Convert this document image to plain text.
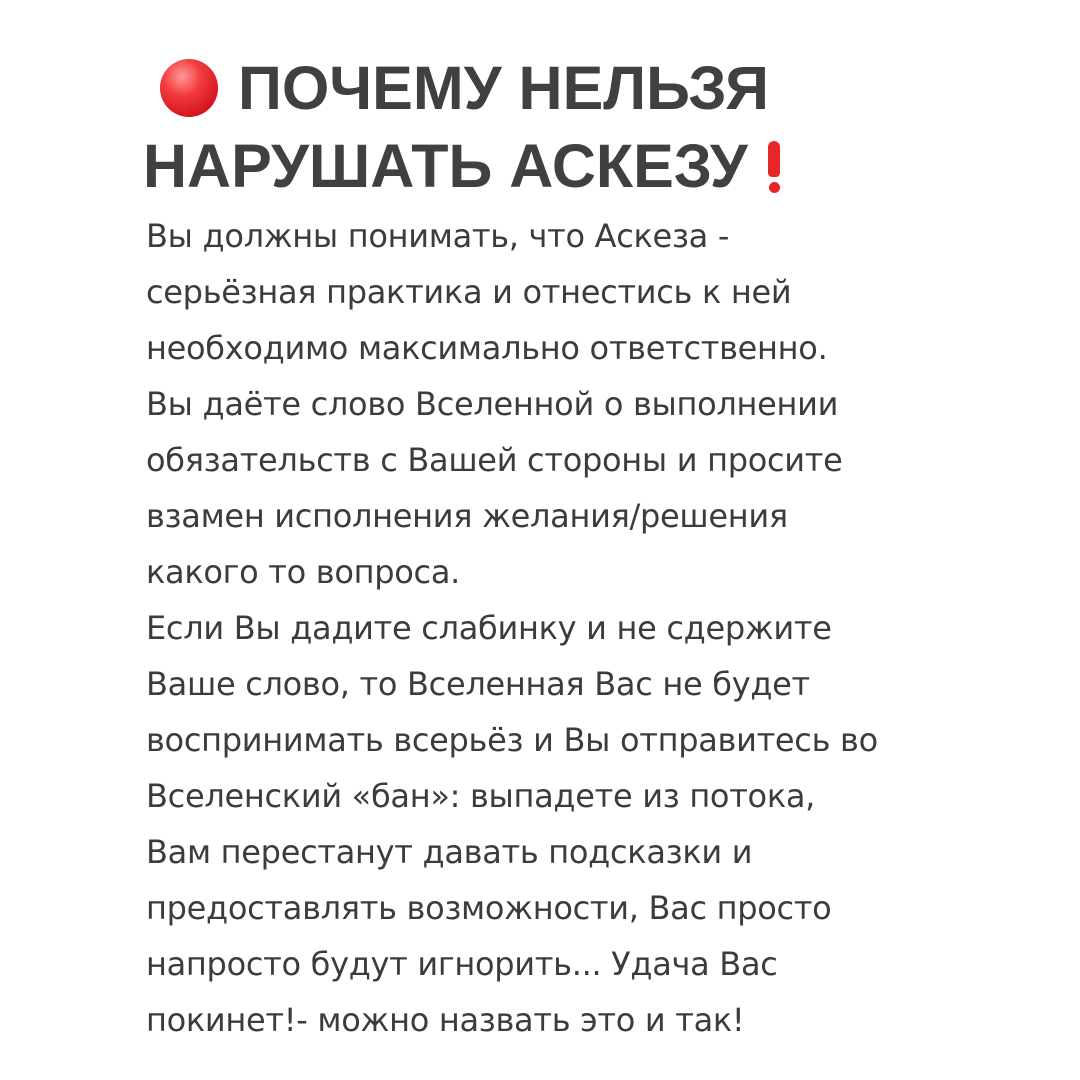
ПОЧЕМУ НЕЛЬЗЯ
НАРУШАТЬ АСКЕЗУ
Вы должны понимать, что Аскеза -
серьёзная практика и отнестись к ней
необходимо максимально ответственно.
Вы даёте слово Вселенной о выполнении
обязательств с Вашей стороны и просите
взамен исполнения желания/решения
какого то вопроса.
Если Вы дадите слабинку и не сдержите
Ваше слово, то Вселенная Вас не будет
воспринимать всерьёз и Вы отправитесь во
Вселенский «бан»: выпадете из потока,
Вам перестанут давать подсказки и
предоставлять возможности, Вас просто
напросто будут игнорить... Удача Вас
покинет!- можно назвать это и так!
